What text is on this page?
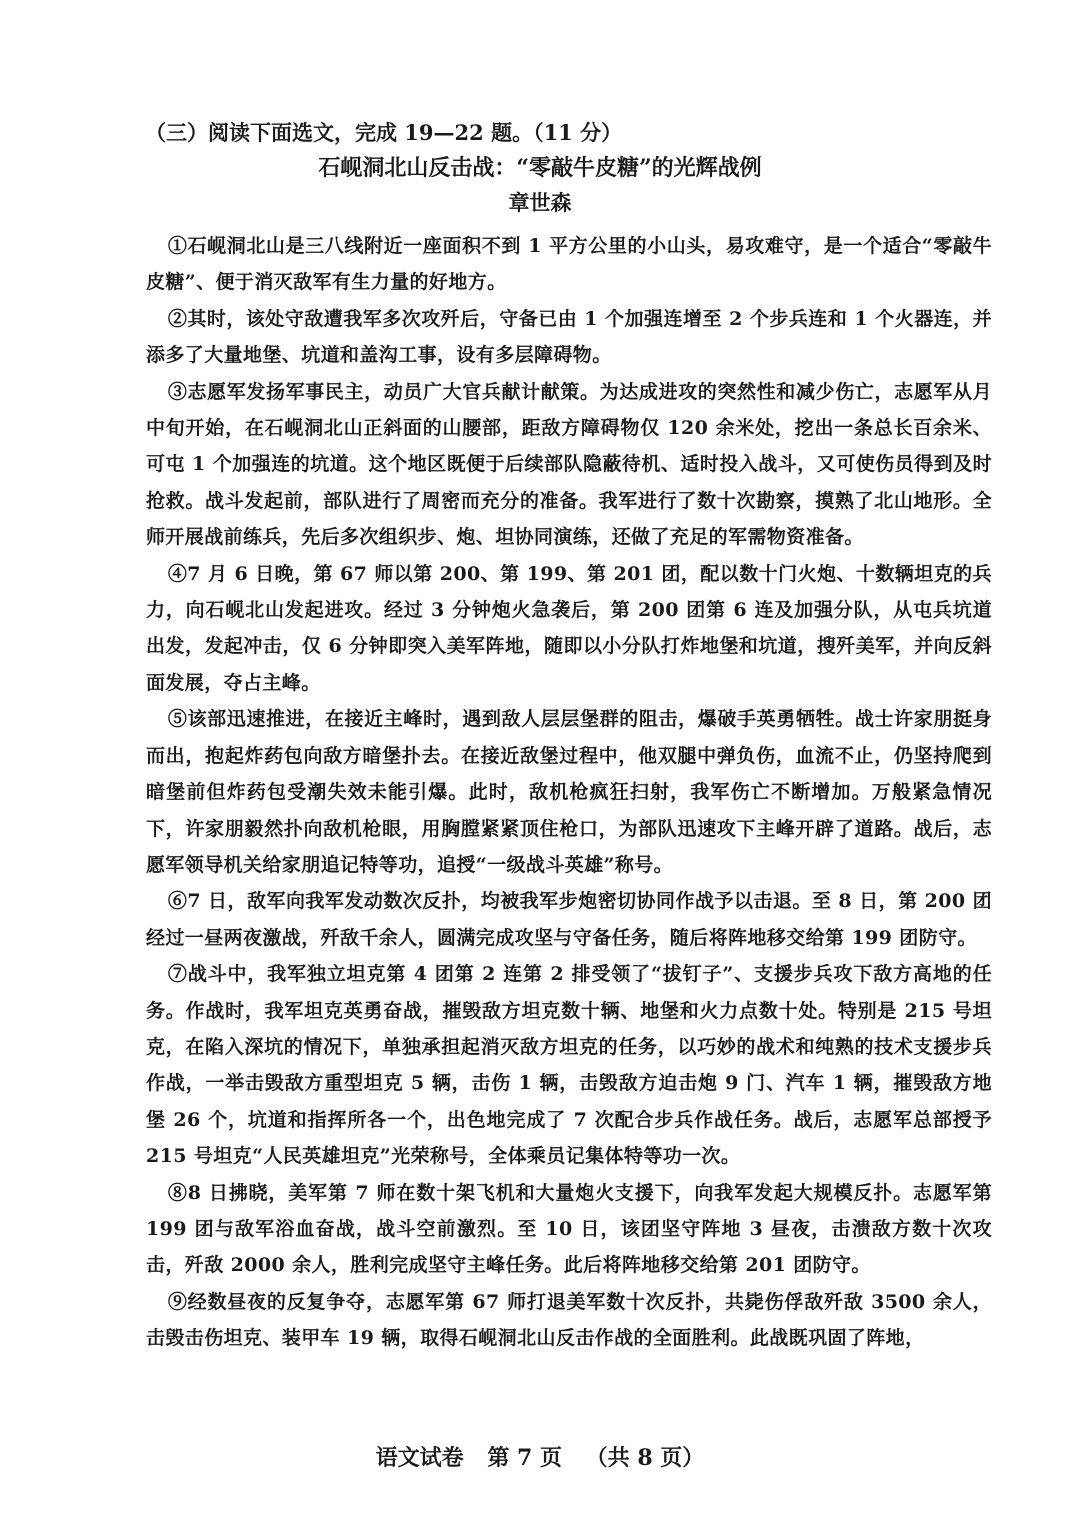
（三）阅读下面选文，完成 19—22 题。（11 分）
石岘洞北山反击战：“零敲牛皮糖”的光辉战例
章世森

①石岘洞北山是三八线附近一座面积不到 1 平方公里的小山头，易攻难守，是一个适合“零敲牛皮糖”、便于消灭敌军有生力量的好地方。

②其时，该处守敌遭我军多次攻歼后，守备已由 1 个加强连增至 2 个步兵连和 1 个火器连，并添多了大量地堡、坑道和盖沟工事，设有多层障碍物。

③志愿军发扬军事民主，动员广大官兵献计献策。为达成进攻的突然性和减少伤亡，志愿军从月中旬开始，在石岘洞北山正斜面的山腰部，距敌方障碍物仅 120 余米处，挖出一条总长百余米、可屯 1 个加强连的坑道。这个地区既便于后续部队隐蔽待机、适时投入战斗，又可使伤员得到及时抢救。战斗发起前，部队进行了周密而充分的准备。我军进行了数十次勘察，摸熟了北山地形。全师开展战前练兵，先后多次组织步、炮、坦协同演练，还做了充足的军需物资准备。

④7 月 6 日晚，第 67 师以第 200、第 199、第 201 团，配以数十门火炮、十数辆坦克的兵力，向石岘北山发起进攻。经过 3 分钟炮火急袭后，第 200 团第 6 连及加强分队，从屯兵坑道出发，发起冲击，仅 6 分钟即突入美军阵地，随即以小分队打炸地堡和坑道，搜歼美军，并向反斜面发展，夺占主峰。

⑤该部迅速推进，在接近主峰时，遇到敌人层层堡群的阻击，爆破手英勇牺牲。战士许家朋挺身而出，抱起炸药包向敌方暗堡扑去。在接近敌堡过程中，他双腿中弹负伤，血流不止，仍坚持爬到暗堡前但炸药包受潮失效未能引爆。此时，敌机枪疯狂扫射，我军伤亡不断增加。万般紧急情况下，许家朋毅然扑向敌机枪眼，用胸膛紧紧顶住枪口，为部队迅速攻下主峰开辟了道路。战后，志愿军领导机关给家朋追记特等功，追授“一级战斗英雄”称号。

⑥7 日，敌军向我军发动数次反扑，均被我军步炮密切协同作战予以击退。至 8 日，第 200 团经过一昼两夜激战，歼敌千余人，圆满完成攻坚与守备任务，随后将阵地移交给第 199 团防守。

⑦战斗中，我军独立坦克第 4 团第 2 连第 2 排受领了“拔钉子”、支援步兵攻下敌方高地的任务。作战时，我军坦克英勇奋战，摧毁敌方坦克数十辆、地堡和火力点数十处。特别是 215 号坦克，在陷入深坑的情况下，单独承担起消灭敌方坦克的任务，以巧妙的战术和纯熟的技术支援步兵作战，一举击毁敌方重型坦克 5 辆，击伤 1 辆，击毁敌方迫击炮 9 门、汽车 1 辆，摧毁敌方地堡 26 个，坑道和指挥所各一个，出色地完成了 7 次配合步兵作战任务。战后，志愿军总部授予 215 号坦克“人民英雄坦克”光荣称号，全体乘员记集体特等功一次。

⑧8 日拂晓，美军第 7 师在数十架飞机和大量炮火支援下，向我军发起大规模反扑。志愿军第 199 团与敌军浴血奋战，战斗空前激烈。至 10 日，该团坚守阵地 3 昼夜，击溃敌方数十次攻击，歼敌 2000 余人，胜利完成坚守主峰任务。此后将阵地移交给第 201 团防守。

⑨经数昼夜的反复争夺，志愿军第 67 师打退美军数十次反扑，共毙伤俘敌歼敌 3500 余人，击毁击伤坦克、装甲车 19 辆，取得石岘洞北山反击作战的全面胜利。此战既巩固了阵地，

语文试卷 第 7 页 （共 8 页）
